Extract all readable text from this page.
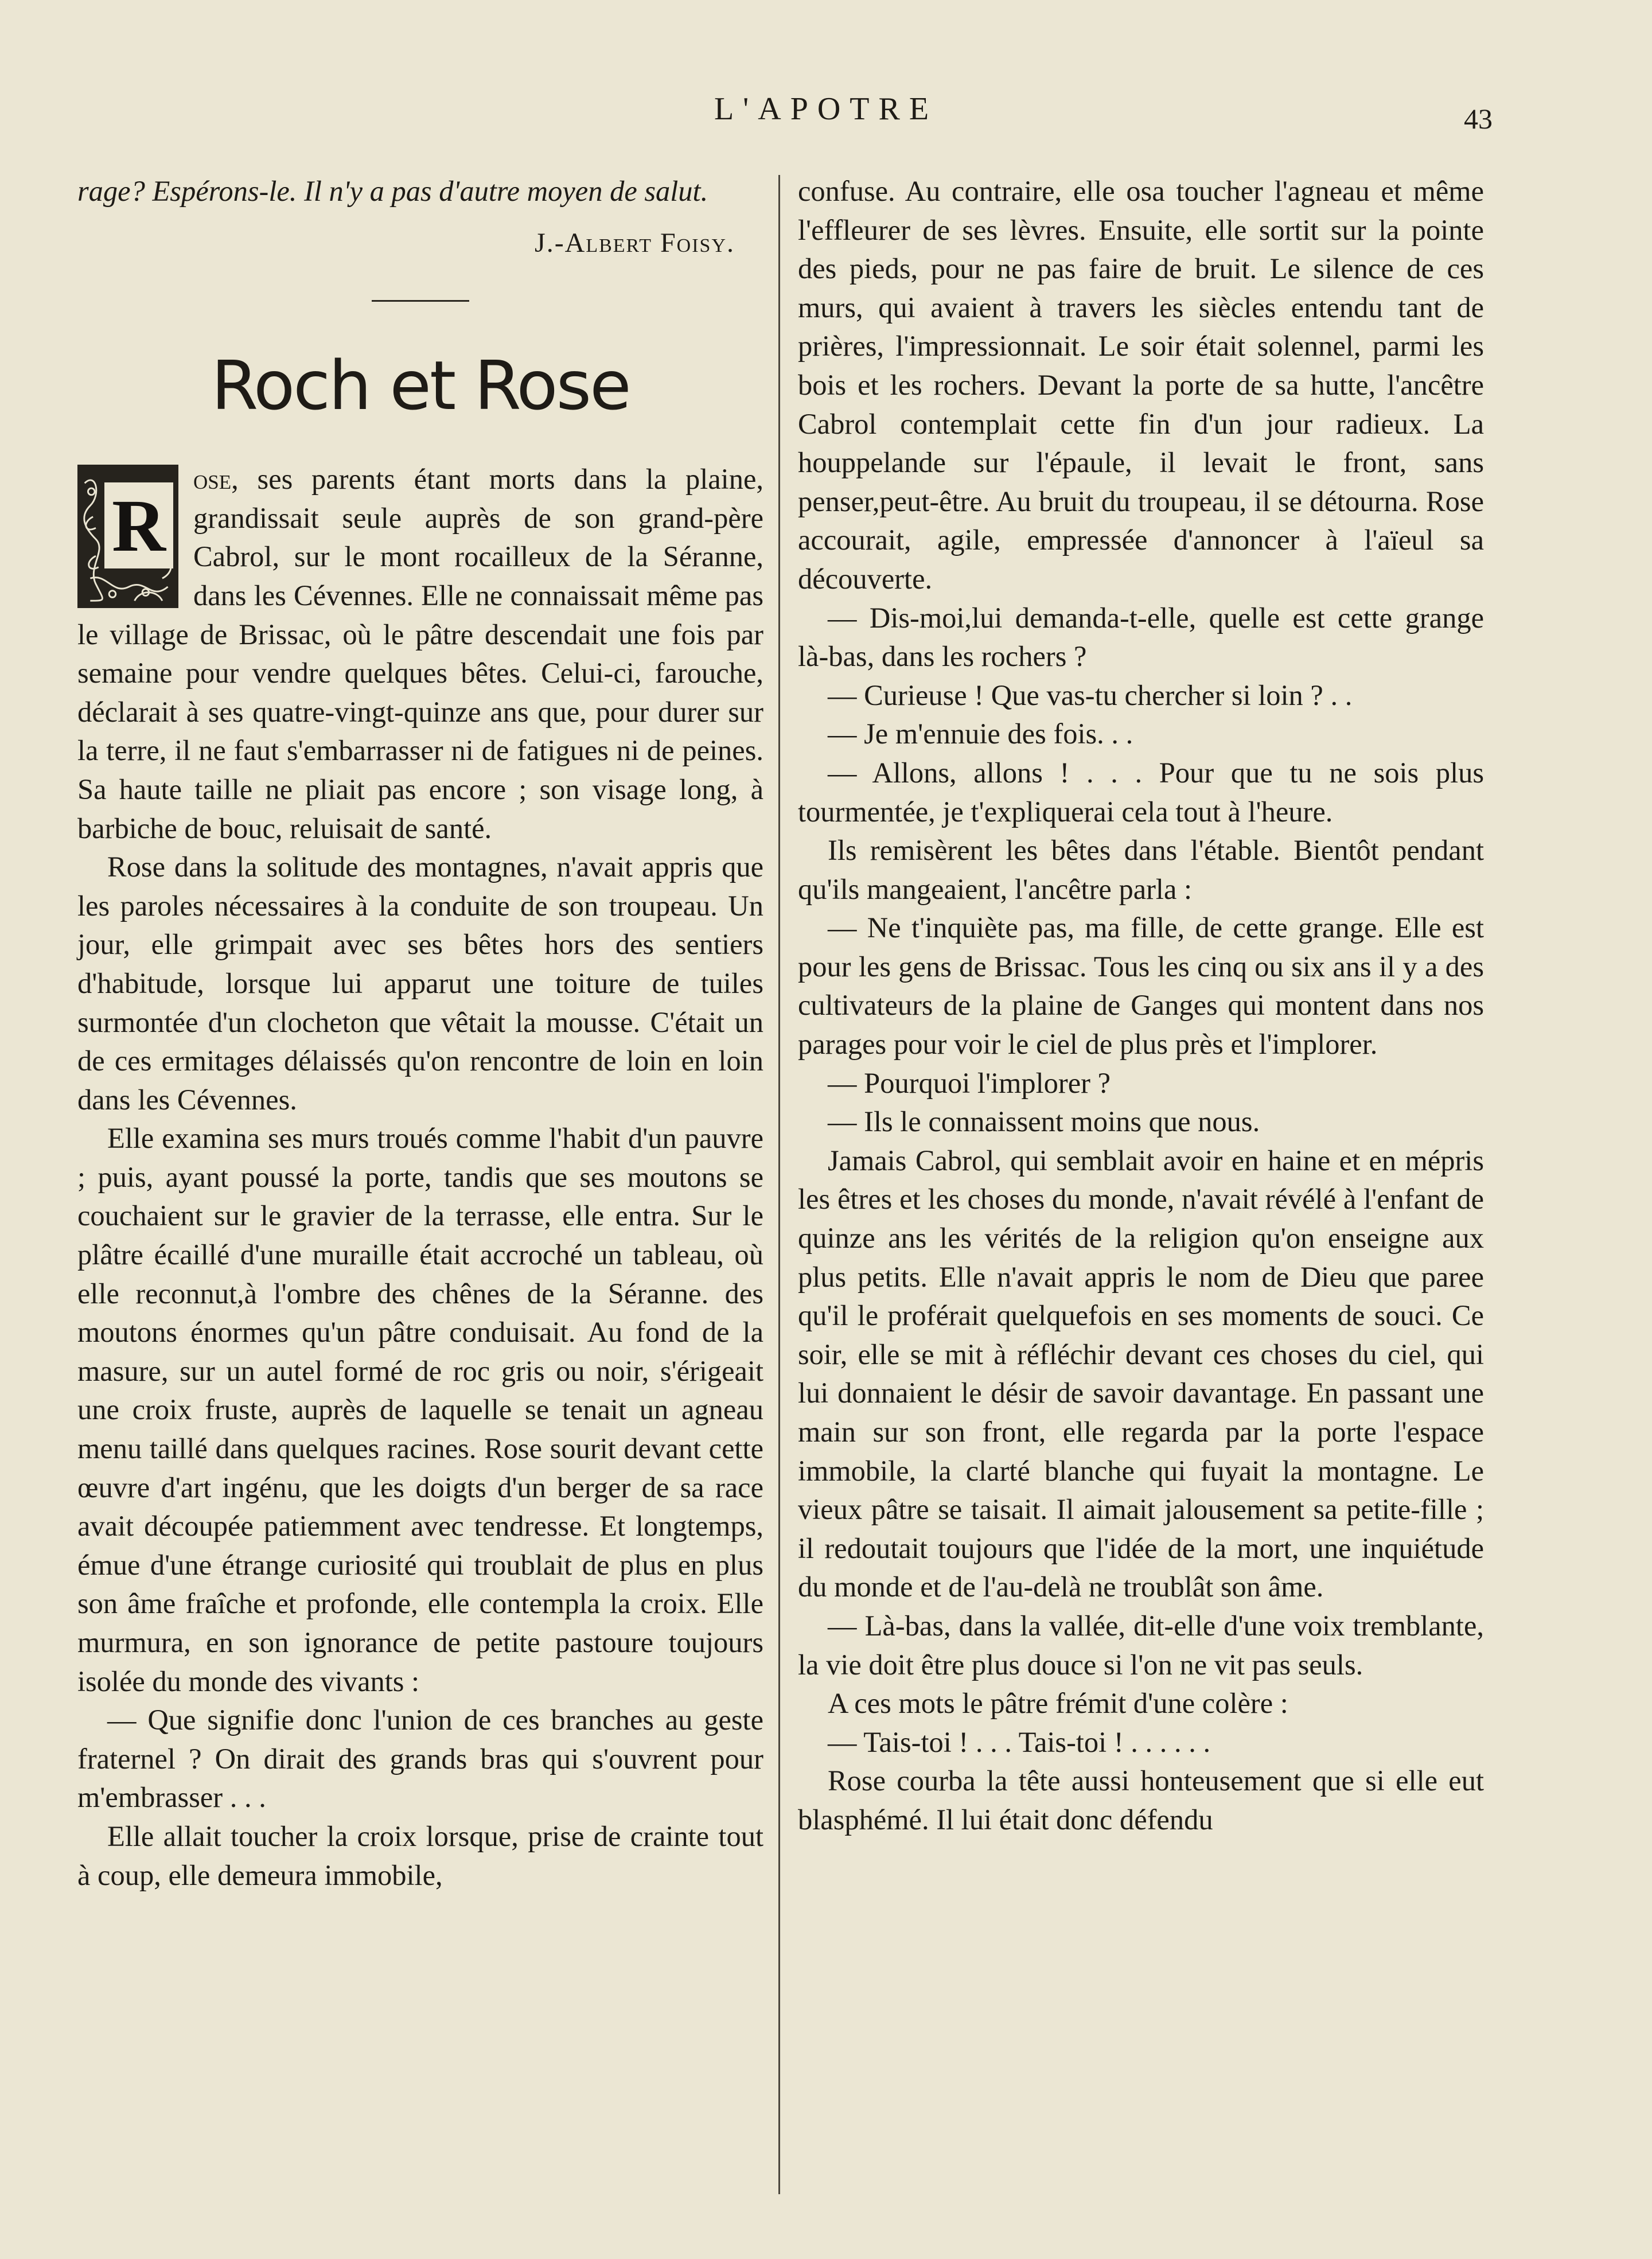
L'APOTRE	43

rage? Espérons-le. Il n'y a pas d'autre moyen de salut.

J.-Albert Foisy.
Roch et Rose
R

ose, ses parents étant morts dans la plaine, grandissait seule auprès de son grand-père Cabrol, sur le mont rocailleux de la Séranne, dans les Cévennes. Elle ne connaissait même pas le village de Brissac, où le pâtre descendait une fois par semaine pour vendre quelques bêtes. Celui-ci, farouche, déclarait à ses quatre-vingt-quinze ans que, pour durer sur la terre, il ne faut s'embarrasser ni de fatigues ni de peines. Sa haute taille ne pliait pas encore ; son visage long, à barbiche de bouc, reluisait de santé.

Rose dans la solitude des montagnes, n'avait appris que les paroles nécessaires à la conduite de son troupeau. Un jour, elle grimpait avec ses bêtes hors des sentiers d'habitude, lorsque lui apparut une toiture de tuiles surmontée d'un clocheton que vêtait la mousse. C'était un de ces ermitages délaissés qu'on rencontre de loin en loin dans les Cévennes.

Elle examina ses murs troués comme l'habit d'un pauvre ; puis, ayant poussé la porte, tandis que ses moutons se couchaient sur le gravier de la terrasse, elle entra. Sur le plâtre écaillé d'une muraille était accroché un tableau, où elle reconnut,à l'ombre des chênes de la Séranne. des moutons énormes qu'un pâtre conduisait. Au fond de la masure, sur un autel formé de roc gris ou noir, s'érigeait une croix fruste, auprès de laquelle se tenait un agneau menu taillé dans quelques racines. Rose sourit devant cette œuvre d'art ingénu, que les doigts d'un berger de sa race avait découpée patiemment avec tendresse. Et longtemps, émue d'une étrange curiosité qui troublait de plus en plus son âme fraîche et profonde, elle contempla la croix. Elle murmura, en son ignorance de petite pastoure toujours isolée du monde des vivants :

— Que signifie donc l'union de ces branches au geste fraternel ? On dirait des grands bras qui s'ouvrent pour m'embrasser . . .

Elle allait toucher la croix lorsque, prise de crainte tout à coup, elle demeura immobile,

confuse. Au contraire, elle osa toucher l'agneau et même l'effleurer de ses lèvres. Ensuite, elle sortit sur la pointe des pieds, pour ne pas faire de bruit. Le silence de ces murs, qui avaient à travers les siècles entendu tant de prières, l'impressionnait. Le soir était solennel, parmi les bois et les rochers. Devant la porte de sa hutte, l'ancêtre Cabrol contemplait cette fin d'un jour radieux. La houppelande sur l'épaule, il levait le front, sans penser,peut-être. Au bruit du troupeau, il se détourna. Rose accourait, agile, empressée d'annoncer à l'aïeul sa découverte.

— Dis-moi,lui demanda-t-elle, quelle est cette grange là-bas, dans les rochers ?

— Curieuse ! Que vas-tu chercher si loin ? . .

— Je m'ennuie des fois. . .

— Allons, allons ! . . . Pour que tu ne sois plus tourmentée, je t'expliquerai cela tout à l'heure.

Ils remisèrent les bêtes dans l'étable. Bientôt pendant qu'ils mangeaient, l'ancêtre parla :

— Ne t'inquiète pas, ma fille, de cette grange. Elle est pour les gens de Brissac. Tous les cinq ou six ans il y a des cultivateurs de la plaine de Ganges qui montent dans nos parages pour voir le ciel de plus près et l'implorer.

— Pourquoi l'implorer ?

— Ils le connaissent moins que nous.

Jamais Cabrol, qui semblait avoir en haine et en mépris les êtres et les choses du monde, n'avait révélé à l'enfant de quinze ans les vérités de la religion qu'on enseigne aux plus petits. Elle n'avait appris le nom de Dieu que paree qu'il le proférait quelquefois en ses moments de souci. Ce soir, elle se mit à réfléchir devant ces choses du ciel, qui lui donnaient le désir de savoir davantage. En passant une main sur son front, elle regarda par la porte l'espace immobile, la clarté blanche qui fuyait la montagne. Le vieux pâtre se taisait. Il aimait jalousement sa petite-fille ; il redoutait toujours que l'idée de la mort, une inquiétude du monde et de l'au-delà ne troublât son âme.

— Là-bas, dans la vallée, dit-elle d'une voix tremblante, la vie doit être plus douce si l'on ne vit pas seuls.

A ces mots le pâtre frémit d'une colère :

— Tais-toi ! . . . Tais-toi ! . . . . . .

Rose courba la tête aussi honteusement que si elle eut blasphémé. Il lui était donc défendu
